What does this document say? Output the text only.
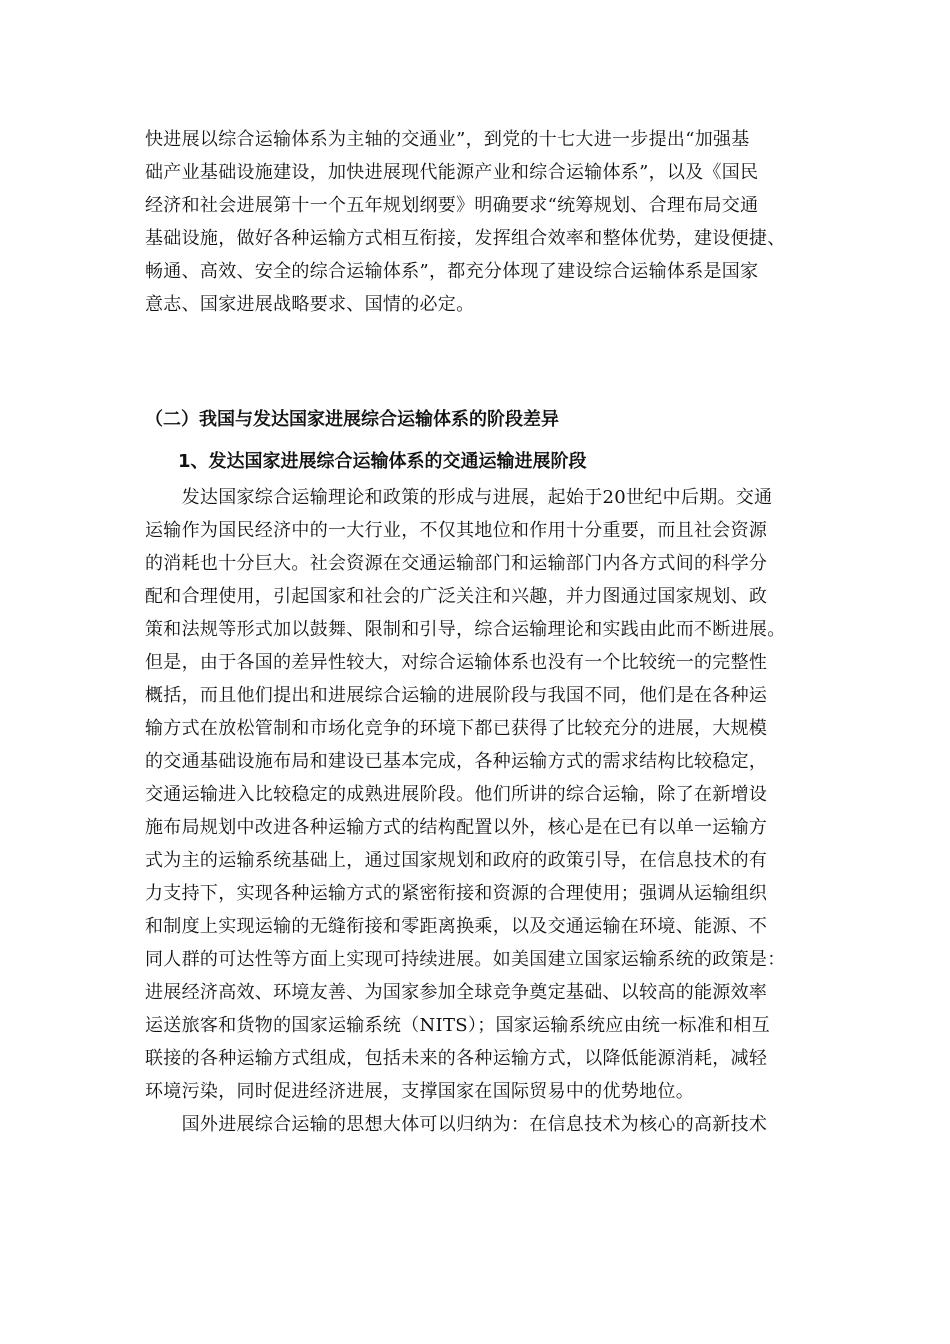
快进展以综合运输体系为主轴的交通业”，到党的十七大进一步提出“加强基
础产业基础设施建设，加快进展现代能源产业和综合运输体系”，以及《国民
经济和社会进展第十一个五年规划纲要》明确要求“统筹规划、合理布局交通
基础设施，做好各种运输方式相互衔接，发挥组合效率和整体优势，建设便捷、
畅通、高效、安全的综合运输体系”，都充分体现了建设综合运输体系是国家
意志、国家进展战略要求、国情的必定。
（二）我国与发达国家进展综合运输体系的阶段差异
1、发达国家进展综合运输体系的交通运输进展阶段
　　发达国家综合运输理论和政策的形成与进展，起始于20世纪中后期。交通
运输作为国民经济中的一大行业，不仅其地位和作用十分重要，而且社会资源
的消耗也十分巨大。社会资源在交通运输部门和运输部门内各方式间的科学分
配和合理使用，引起国家和社会的广泛关注和兴趣，并力图通过国家规划、政
策和法规等形式加以鼓舞、限制和引导，综合运输理论和实践由此而不断进展。
但是，由于各国的差异性较大，对综合运输体系也没有一个比较统一的完整性
概括，而且他们提出和进展综合运输的进展阶段与我国不同，他们是在各种运
输方式在放松管制和市场化竞争的环境下都已获得了比较充分的进展，大规模
的交通基础设施布局和建设已基本完成，各种运输方式的需求结构比较稳定，
交通运输进入比较稳定的成熟进展阶段。他们所讲的综合运输，除了在新增设
施布局规划中改进各种运输方式的结构配置以外，核心是在已有以单一运输方
式为主的运输系统基础上，通过国家规划和政府的政策引导，在信息技术的有
力支持下，实现各种运输方式的紧密衔接和资源的合理使用；强调从运输组织
和制度上实现运输的无缝衔接和零距离换乘，以及交通运输在环境、能源、不
同人群的可达性等方面上实现可持续进展。如美国建立国家运输系统的政策是：
进展经济高效、环境友善、为国家参加全球竞争奠定基础、以较高的能源效率
运送旅客和货物的国家运输系统（NITS）；国家运输系统应由统一标准和相互
联接的各种运输方式组成，包括未来的各种运输方式，以降低能源消耗，减轻
环境污染，同时促进经济进展，支撑国家在国际贸易中的优势地位。
　　国外进展综合运输的思想大体可以归纳为：在信息技术为核心的高新技术
